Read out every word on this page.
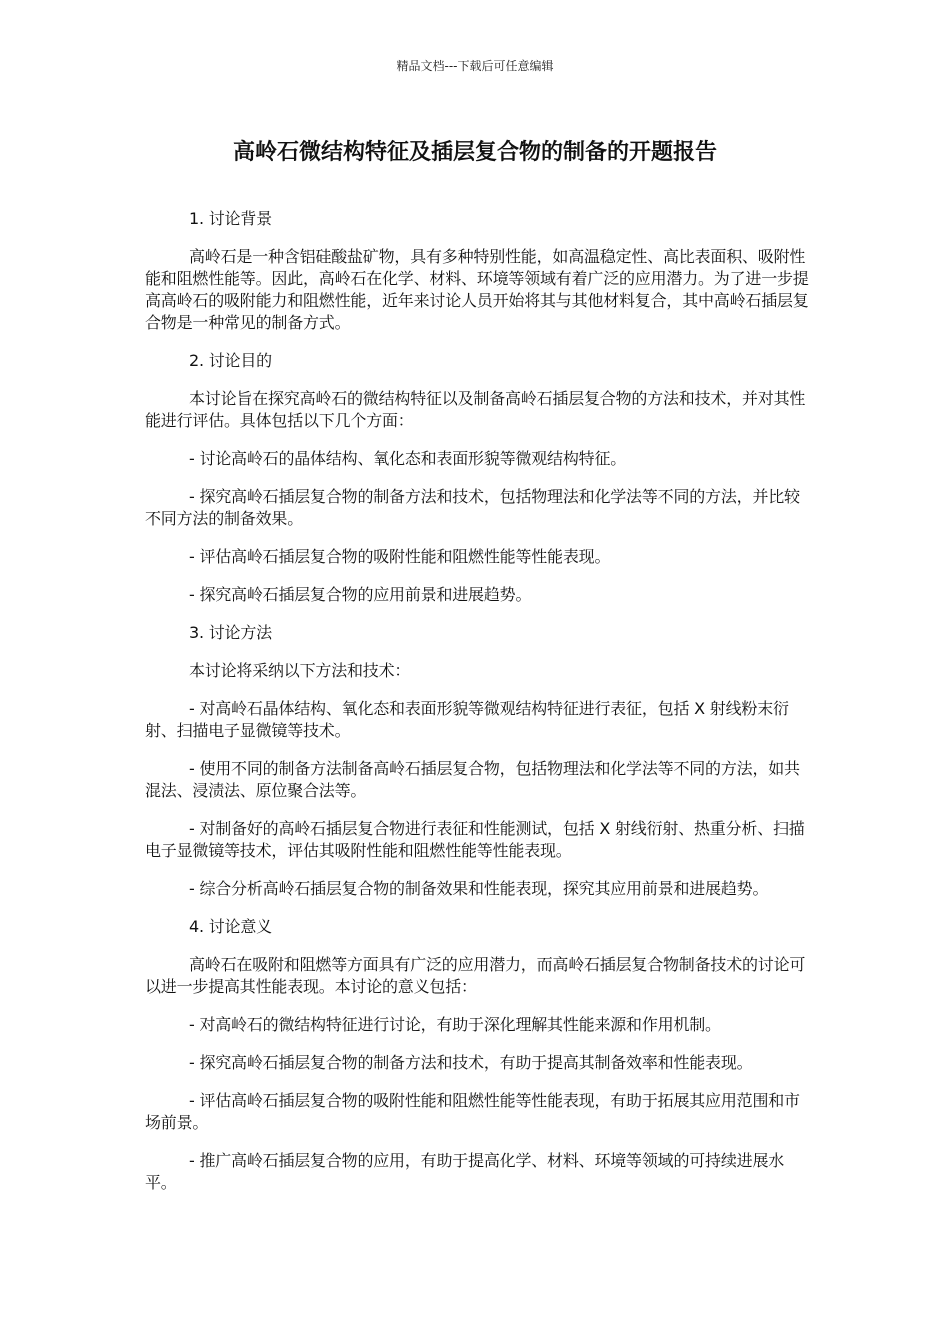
精品文档---下载后可任意编辑
高岭石微结构特征及插层复合物的制备的开题报告

1. 讨论背景

高岭石是一种含铝硅酸盐矿物，具有多种特别性能，如高温稳定性、高比表面积、吸附性能和阻燃性能等。因此，高岭石在化学、材料、环境等领域有着广泛的应用潜力。为了进一步提高高岭石的吸附能力和阻燃性能，近年来讨论人员开始将其与其他材料复合，其中高岭石插层复合物是一种常见的制备方式。

2. 讨论目的

本讨论旨在探究高岭石的微结构特征以及制备高岭石插层复合物的方法和技术，并对其性能进行评估。具体包括以下几个方面：

- 讨论高岭石的晶体结构、氧化态和表面形貌等微观结构特征。

- 探究高岭石插层复合物的制备方法和技术，包括物理法和化学法等不同的方法，并比较不同方法的制备效果。

- 评估高岭石插层复合物的吸附性能和阻燃性能等性能表现。

- 探究高岭石插层复合物的应用前景和进展趋势。

3. 讨论方法

本讨论将采纳以下方法和技术：

- 对高岭石晶体结构、氧化态和表面形貌等微观结构特征进行表征，包括 X 射线粉末衍射、扫描电子显微镜等技术。

- 使用不同的制备方法制备高岭石插层复合物，包括物理法和化学法等不同的方法，如共混法、浸渍法、原位聚合法等。

- 对制备好的高岭石插层复合物进行表征和性能测试，包括 X 射线衍射、热重分析、扫描电子显微镜等技术，评估其吸附性能和阻燃性能等性能表现。

- 综合分析高岭石插层复合物的制备效果和性能表现，探究其应用前景和进展趋势。

4. 讨论意义

高岭石在吸附和阻燃等方面具有广泛的应用潜力，而高岭石插层复合物制备技术的讨论可以进一步提高其性能表现。本讨论的意义包括：

- 对高岭石的微结构特征进行讨论，有助于深化理解其性能来源和作用机制。

- 探究高岭石插层复合物的制备方法和技术，有助于提高其制备效率和性能表现。

- 评估高岭石插层复合物的吸附性能和阻燃性能等性能表现，有助于拓展其应用范围和市场前景。

- 推广高岭石插层复合物的应用，有助于提高化学、材料、环境等领域的可持续进展水平。
